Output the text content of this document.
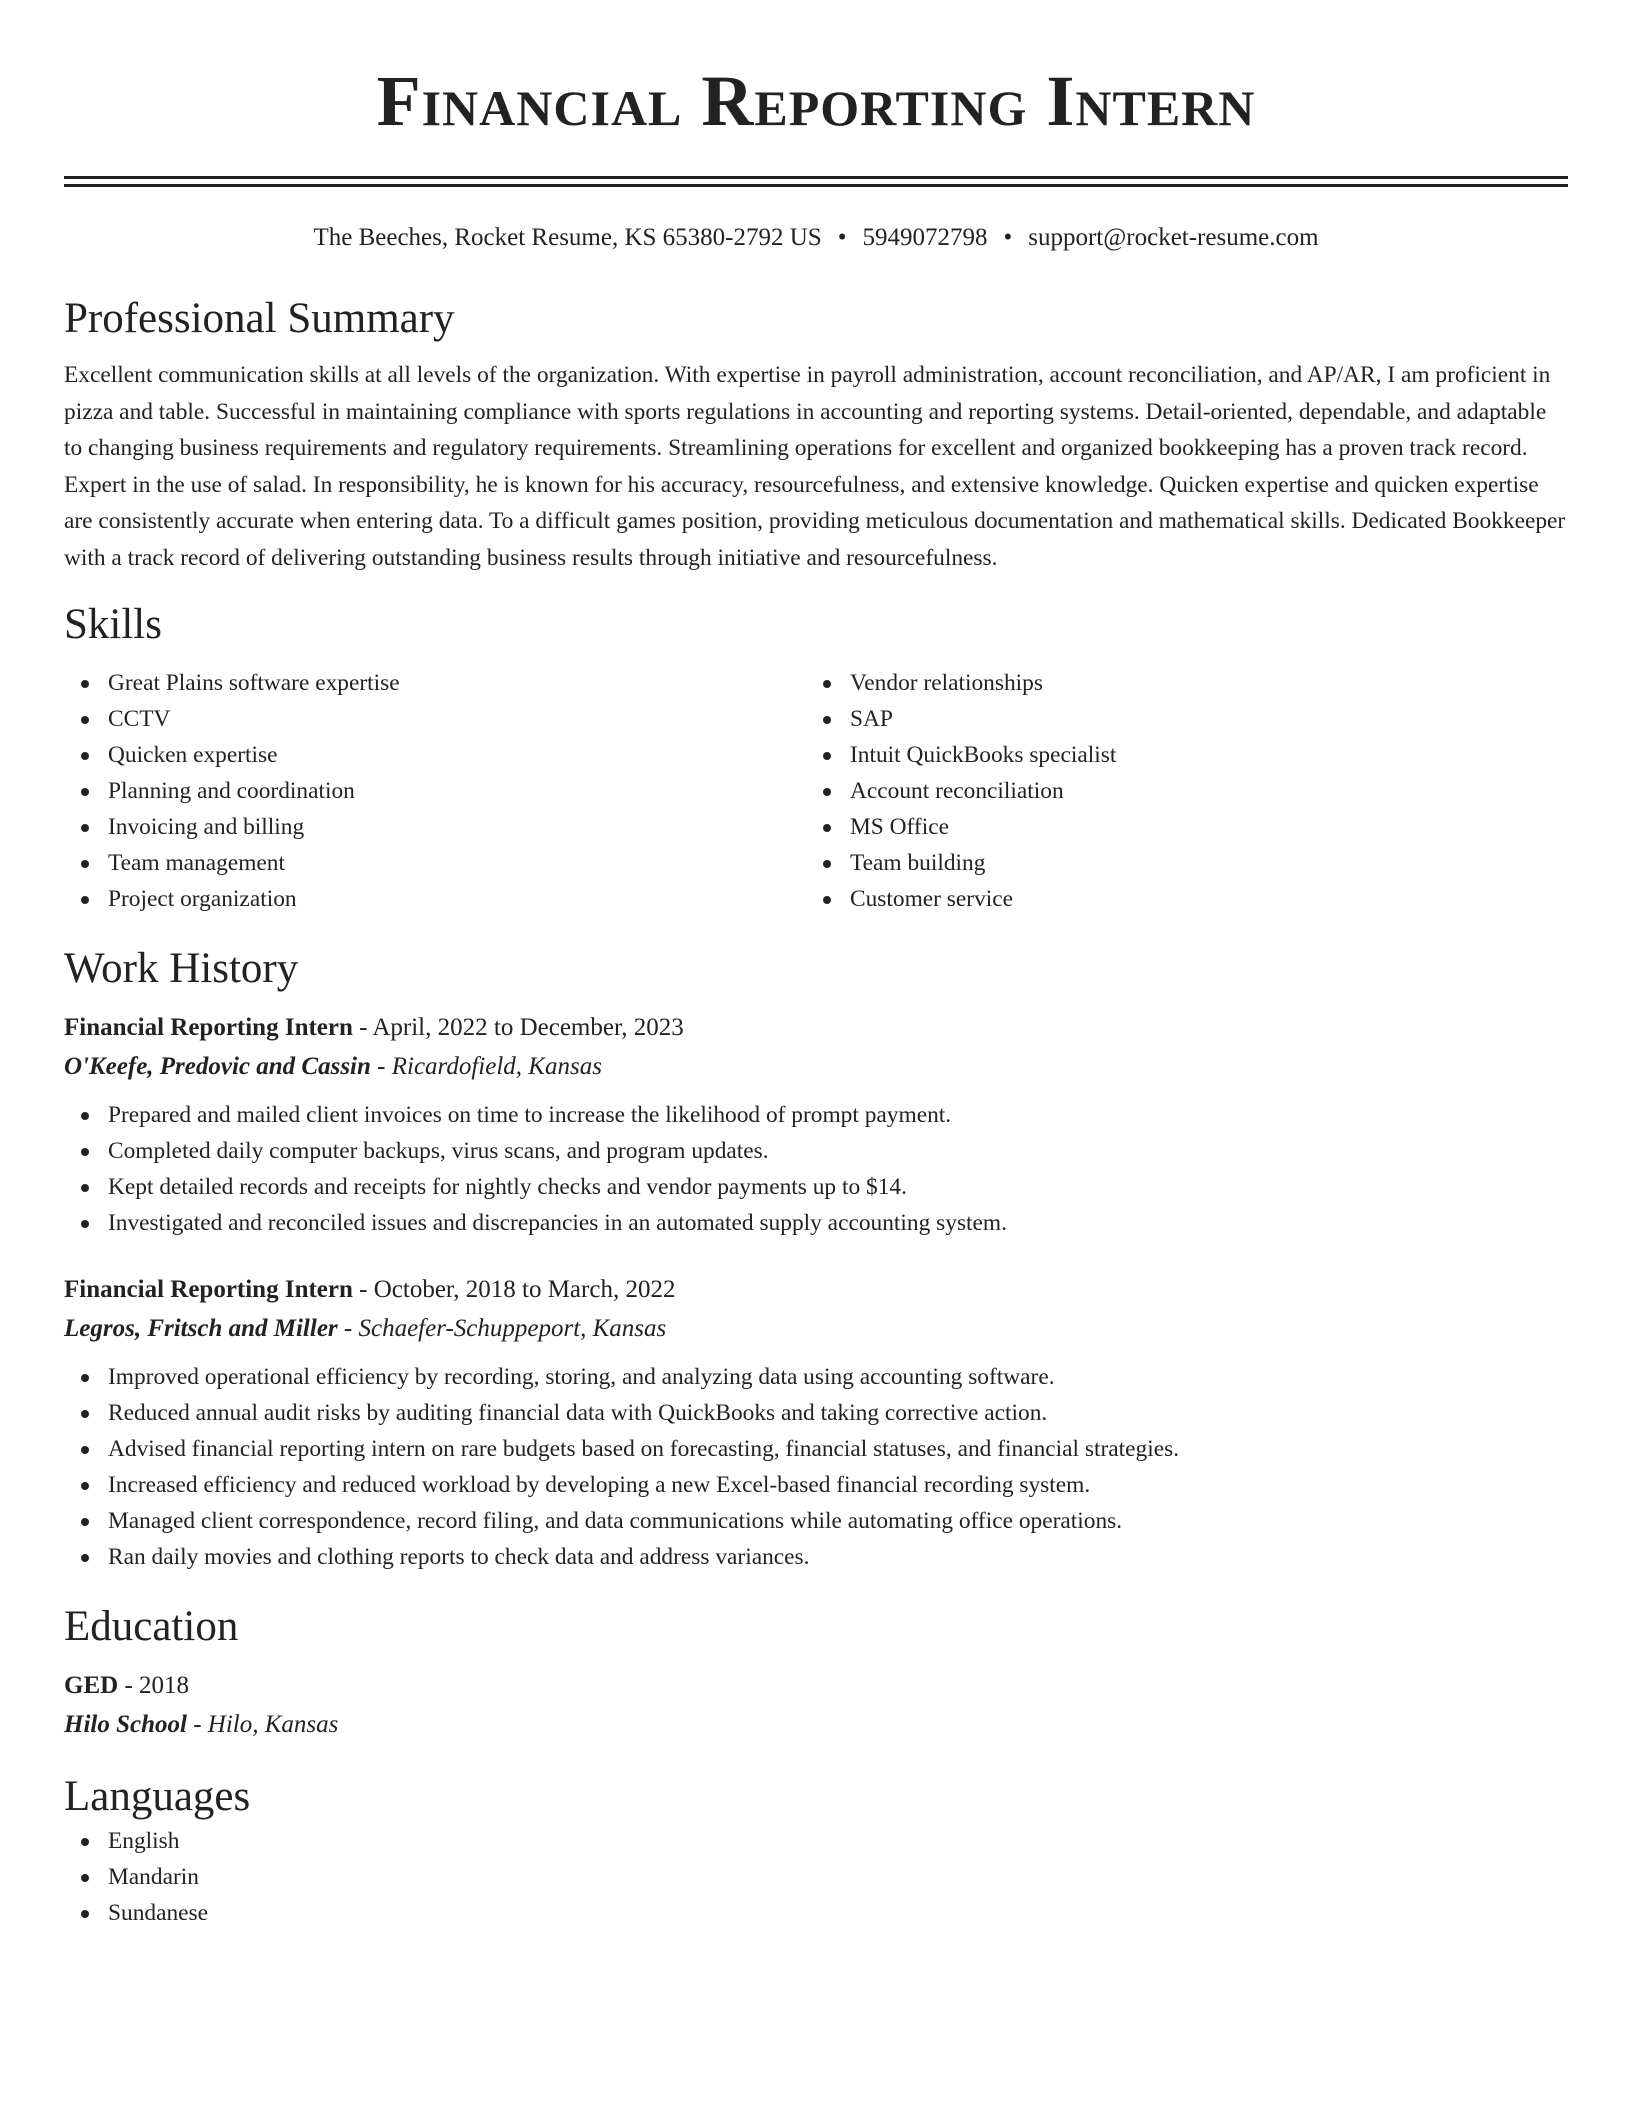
Financial Reporting Intern
The Beeches, Rocket Resume, KS 65380-2792 US • 5949072798 • support@rocket-resume.com
Professional Summary

Excellent communication skills at all levels of the organization. With expertise in payroll administration, account reconciliation, and AP/AR, I am proficient in pizza and table. Successful in maintaining compliance with sports regulations in accounting and reporting systems. Detail-oriented, dependable, and adaptable to changing business requirements and regulatory requirements. Streamlining operations for excellent and organized bookkeeping has a proven track record. Expert in the use of salad. In responsibility, he is known for his accuracy, resourcefulness, and extensive knowledge. Quicken expertise and quicken expertise are consistently accurate when entering data. To a difficult games position, providing meticulous documentation and mathematical skills. Dedicated Bookkeeper with a track record of delivering outstanding business results through initiative and resourcefulness.

Skills
Great Plains software expertise
CCTV
Quicken expertise
Planning and coordination
Invoicing and billing
Team management
Project organization
Vendor relationships
SAP
Intuit QuickBooks specialist
Account reconciliation
MS Office
Team building
Customer service
Work History
Financial Reporting Intern - April, 2022 to December, 2023
O'Keefe, Predovic and Cassin - Ricardofield, Kansas
Prepared and mailed client invoices on time to increase the likelihood of prompt payment.
Completed daily computer backups, virus scans, and program updates.
Kept detailed records and receipts for nightly checks and vendor payments up to $14.
Investigated and reconciled issues and discrepancies in an automated supply accounting system.
Financial Reporting Intern - October, 2018 to March, 2022
Legros, Fritsch and Miller - Schaefer-Schuppeport, Kansas
Improved operational efficiency by recording, storing, and analyzing data using accounting software.
Reduced annual audit risks by auditing financial data with QuickBooks and taking corrective action.
Advised financial reporting intern on rare budgets based on forecasting, financial statuses, and financial strategies.
Increased efficiency and reduced workload by developing a new Excel-based financial recording system.
Managed client correspondence, record filing, and data communications while automating office operations.
Ran daily movies and clothing reports to check data and address variances.
Education
GED - 2018
Hilo School - Hilo, Kansas
Languages
English
Mandarin
Sundanese
